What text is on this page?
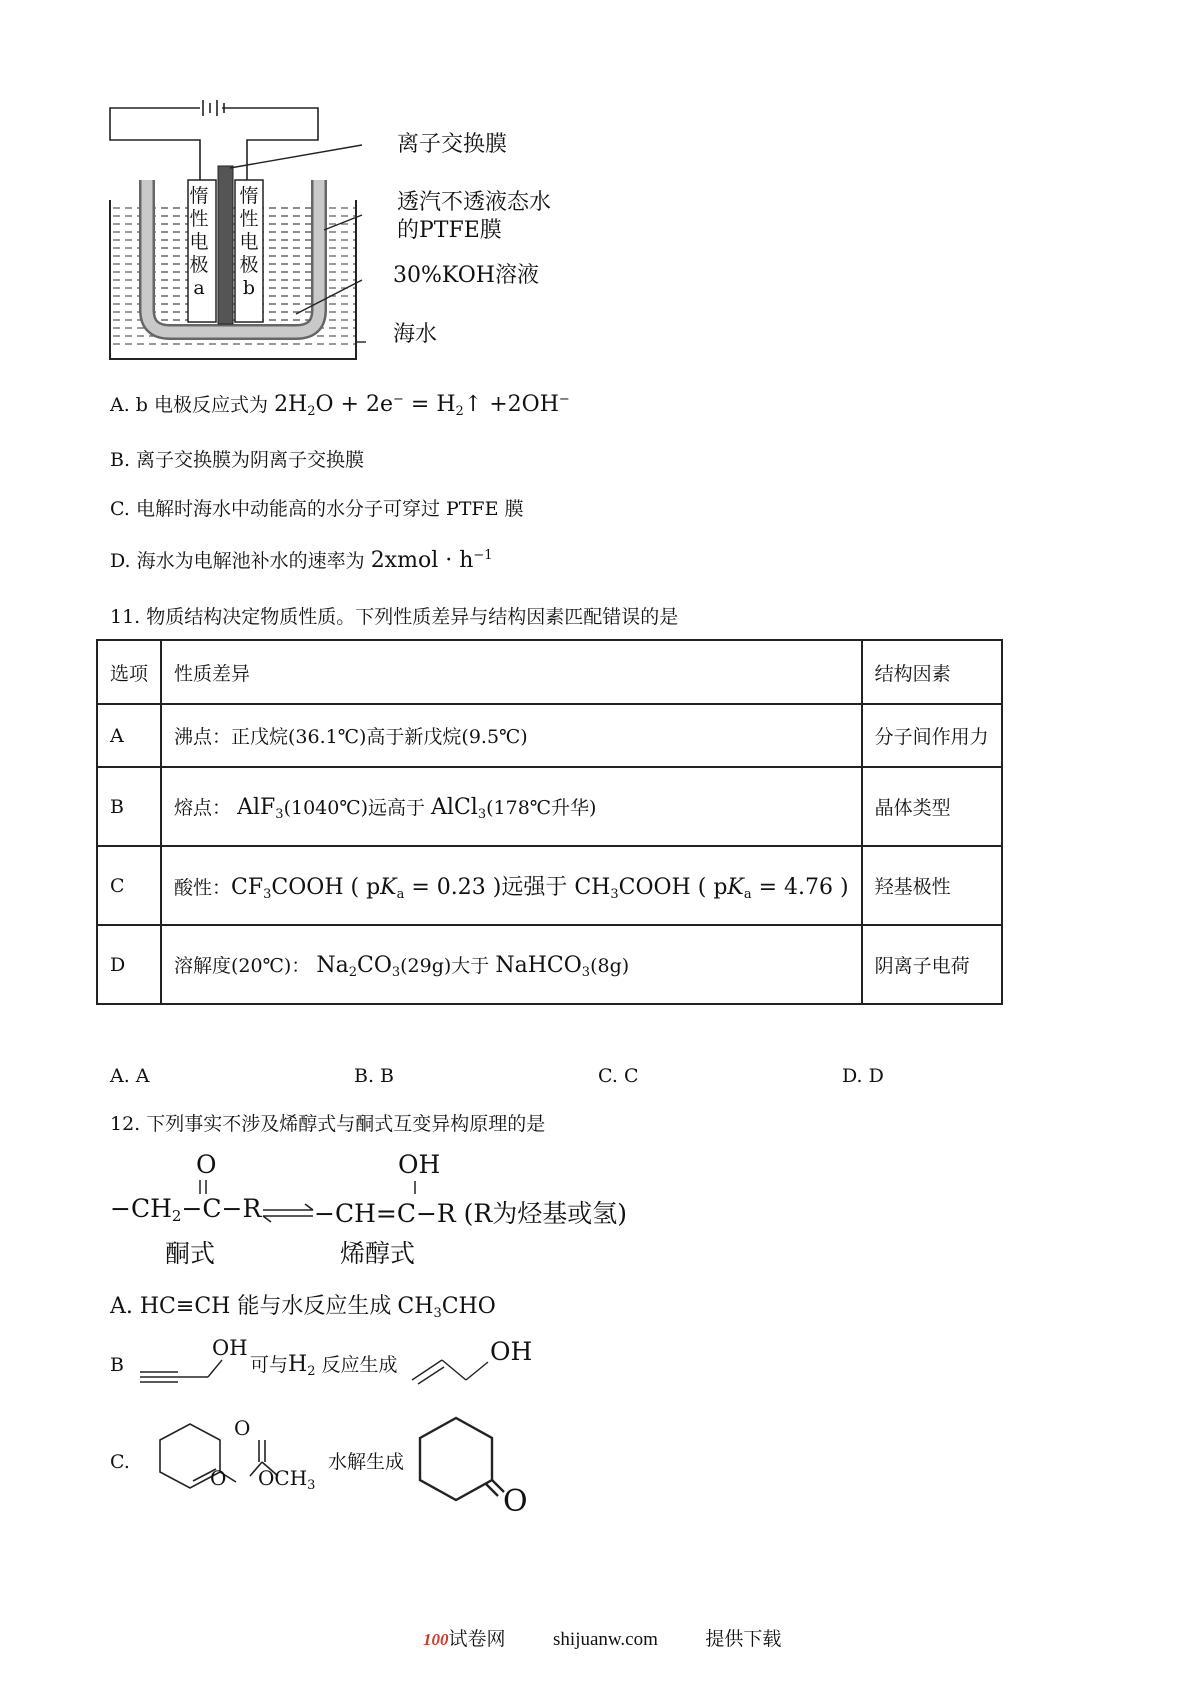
惰
性
电
极
a
惰
性
电
极
b
离子交换膜
透汽不透液态水
的PTFE膜
30%KOH溶液
海水
A. b 电极反应式为 $2H_2O + 2e^-$ = $H_2↑ +2OH^-$
B. 离子交换膜为阴离子交换膜
C. 电解时海水中动能高的水分子可穿过 PTFE 膜
D. 海水为电解池补水的速率为 2xmol · $h^{-1}$
11. 物质结构决定物质性质。下列性质差异与结构因素匹配错误的是
选项	性质差异	结构因素
A	沸点：正戊烷(36.1℃)高于新戊烷(9.5℃)	分子间作用力
B	熔点： AlF$_3$(1040℃)远高于 AlCl$_3$(178℃升华)	晶体类型
C	酸性：$CF_3COOH$ ( $pK_a = 0.23$ )远强于 $CH_3COOH$ ( $pK_a = 4.76$ )	羟基极性
D	溶解度(20℃)： $Na_2CO_3(29g)$大于 NaHCO$_3$(8g)	阴离子电荷
A. A	B. B	C. C	D. D
12. 下列事实不涉及烯醇式与酮式互变异构原理的是
O	OH
$-CH_2-C-R -CH=C-R$ (R为烃基或氢)
酮式	烯醇式
A. HC≡CH 能与水反应生成 $CH_3CHO$
B
OH
可与$H_2$ 反应生成	OH
C.
O
O $OCH_3$
水解生成
O
100试卷网	shijuanw.com	提供下载
